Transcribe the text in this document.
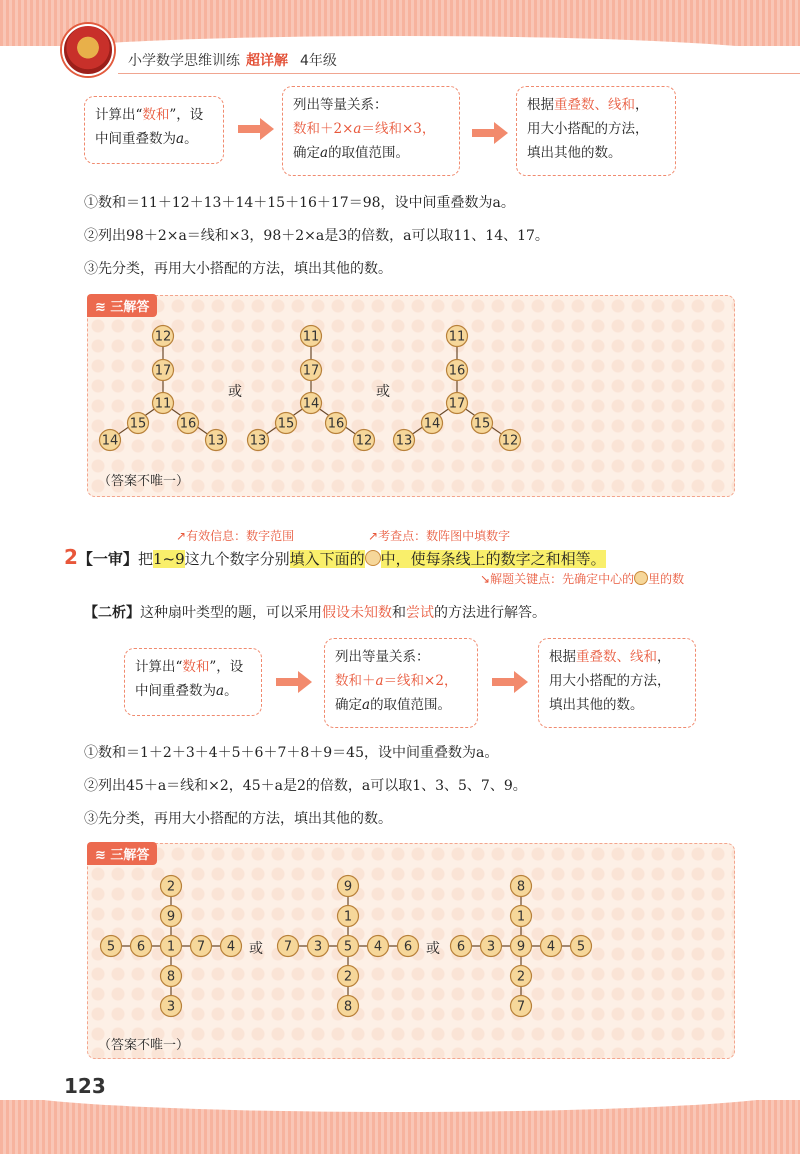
小学数学思维训练 超详解 4年级
计算出“数和”，设
中间重叠数为a。
列出等量关系：
数和＋2×a＝线和×3，
确定a的取值范围。
根据重叠数、线和，
用大小搭配的方法，
填出其他的数。
①数和＝11＋12＋13＋14＋15＋16＋17＝98，设中间重叠数为a。
②列出98＋2×a＝线和×3，98＋2×a是3的倍数，a可以取11、14、17。
③先分类，再用大小搭配的方法，填出其他的数。
≋ 三解答
12
17
11
15
14
16
13
11
17
14
15
13
16
12
11
16
17
14
13
15
12
或	或
（答案不唯一）
↗有效信息：数字范围	↗考查点：数阵图中填数字
2【一审】把1~9这九个数字分别填入下面的 中，使每条线上的数字之和相等。
↘解题关键点：先确定中心的 里的数
【二析】这种扇叶类型的题，可以采用假设未知数和尝试的方法进行解答。
计算出“数和”，设
中间重叠数为a。
列出等量关系：
数和＋a＝线和×2，
确定a的取值范围。
根据重叠数、线和，
用大小搭配的方法，
填出其他的数。
①数和＝1＋2＋3＋4＋5＋6＋7＋8＋9＝45，设中间重叠数为a。
②列出45＋a＝线和×2，45＋a是2的倍数，a可以取1、3、5、7、9。
③先分类，再用大小搭配的方法，填出其他的数。
≋ 三解答
2
9
5 6 1 7 4
8
3
9
1
7 3 5 4 6
2
8
8
1
6 3 9 4 5
2
7
或	或
（答案不唯一）
123
